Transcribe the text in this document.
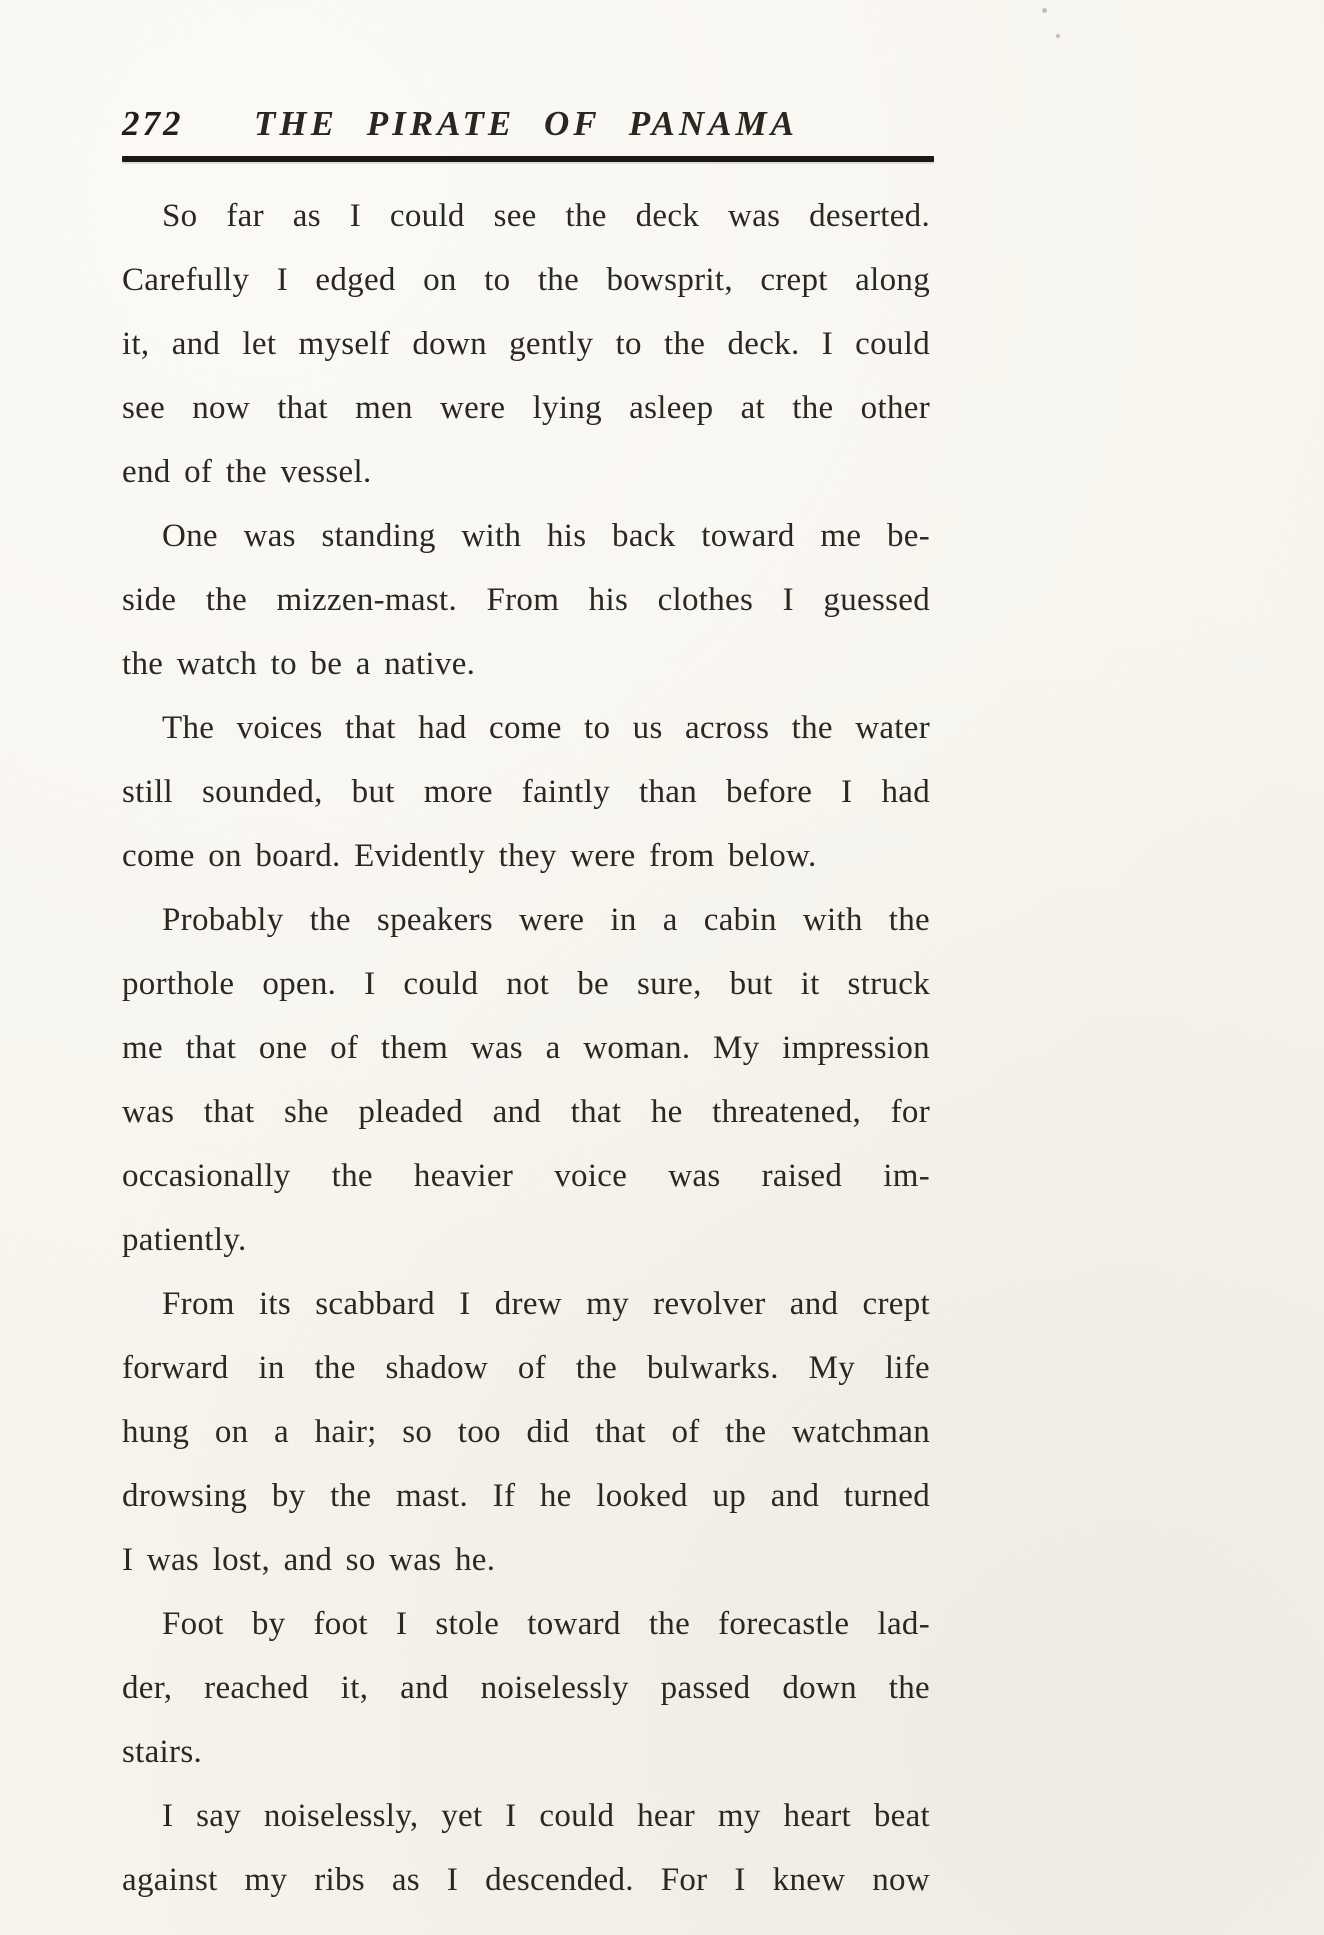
272	THE PIRATE OF PANAMA

So far as I could see the deck was deserted.
Carefully I edged on to the bowsprit, crept along
it, and let myself down gently to the deck. I could
see now that men were lying asleep at the other
end of the vessel.

One was standing with his back toward me be-
side the mizzen-mast. From his clothes I guessed
the watch to be a native.

The voices that had come to us across the water
still sounded, but more faintly than before I had
come on board. Evidently they were from below.

Probably the speakers were in a cabin with the
porthole open. I could not be sure, but it struck
me that one of them was a woman. My impression
was that she pleaded and that he threatened, for
occasionally the heavier voice was raised im-
patiently.

From its scabbard I drew my revolver and crept
forward in the shadow of the bulwarks. My life
hung on a hair; so too did that of the watchman
drowsing by the mast. If he looked up and turned
I was lost, and so was he.

Foot by foot I stole toward the forecastle lad-
der, reached it, and noiselessly passed down the
stairs.

I say noiselessly, yet I could hear my heart beat
against my ribs as I descended. For I knew now
